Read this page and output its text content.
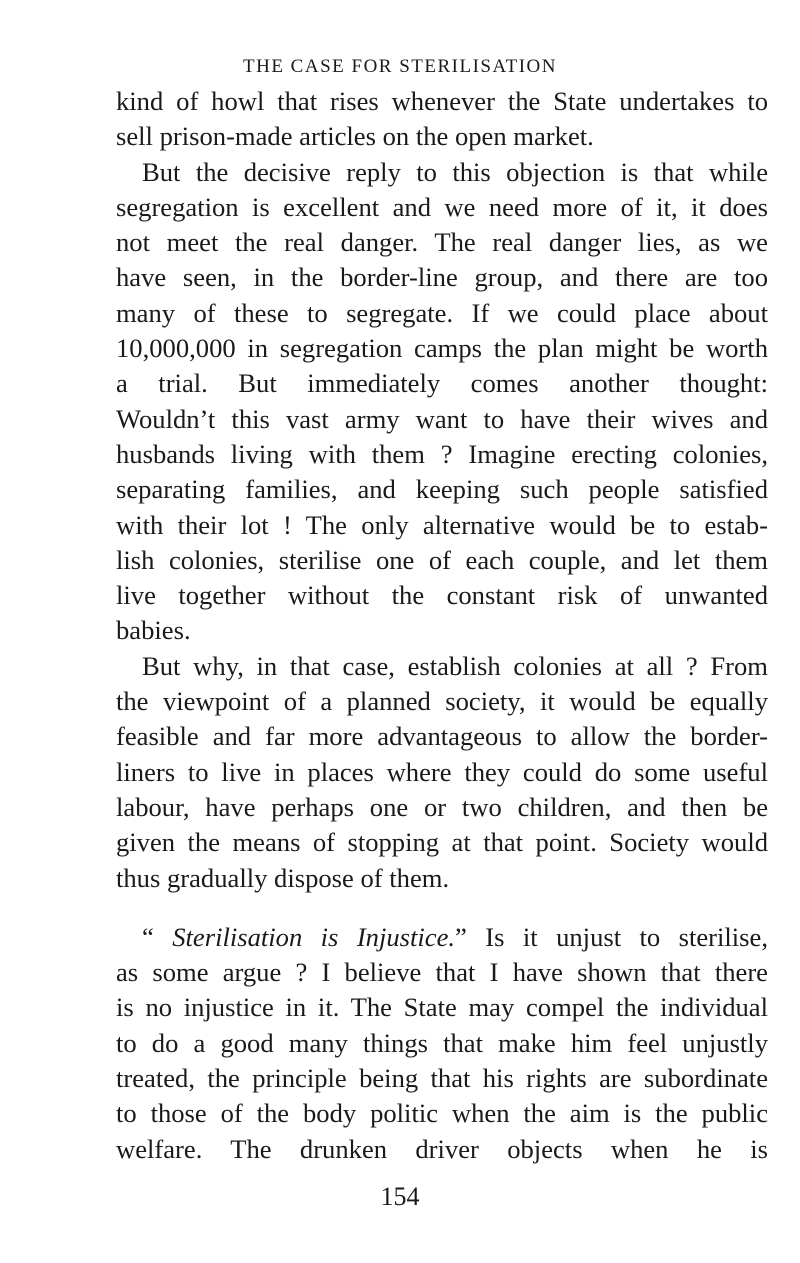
THE CASE FOR STERILISATION
kind of howl that rises whenever the State undertakes to
sell prison-made articles on the open market.
But the decisive reply to this objection is that while
segregation is excellent and we need more of it, it does
not meet the real danger. The real danger lies, as we
have seen, in the border-line group, and there are too
many of these to segregate. If we could place about
10,000,000 in segregation camps the plan might be worth
a trial. But immediately comes another thought:
Wouldn’t this vast army want to have their wives and
husbands living with them ? Imagine erecting colonies,
separating families, and keeping such people satisfied
with their lot ! The only alternative would be to estab-
lish colonies, sterilise one of each couple, and let them
live together without the constant risk of unwanted
babies.
But why, in that case, establish colonies at all ? From
the viewpoint of a planned society, it would be equally
feasible and far more advantageous to allow the border-
liners to live in places where they could do some useful
labour, have perhaps one or two children, and then be
given the means of stopping at that point. Society would
thus gradually dispose of them.
“ Sterilisation is Injustice.” Is it unjust to sterilise,
as some argue ? I believe that I have shown that there
is no injustice in it. The State may compel the individual
to do a good many things that make him feel unjustly
treated, the principle being that his rights are subordinate
to those of the body politic when the aim is the public
welfare. The drunken driver objects when he is
154
